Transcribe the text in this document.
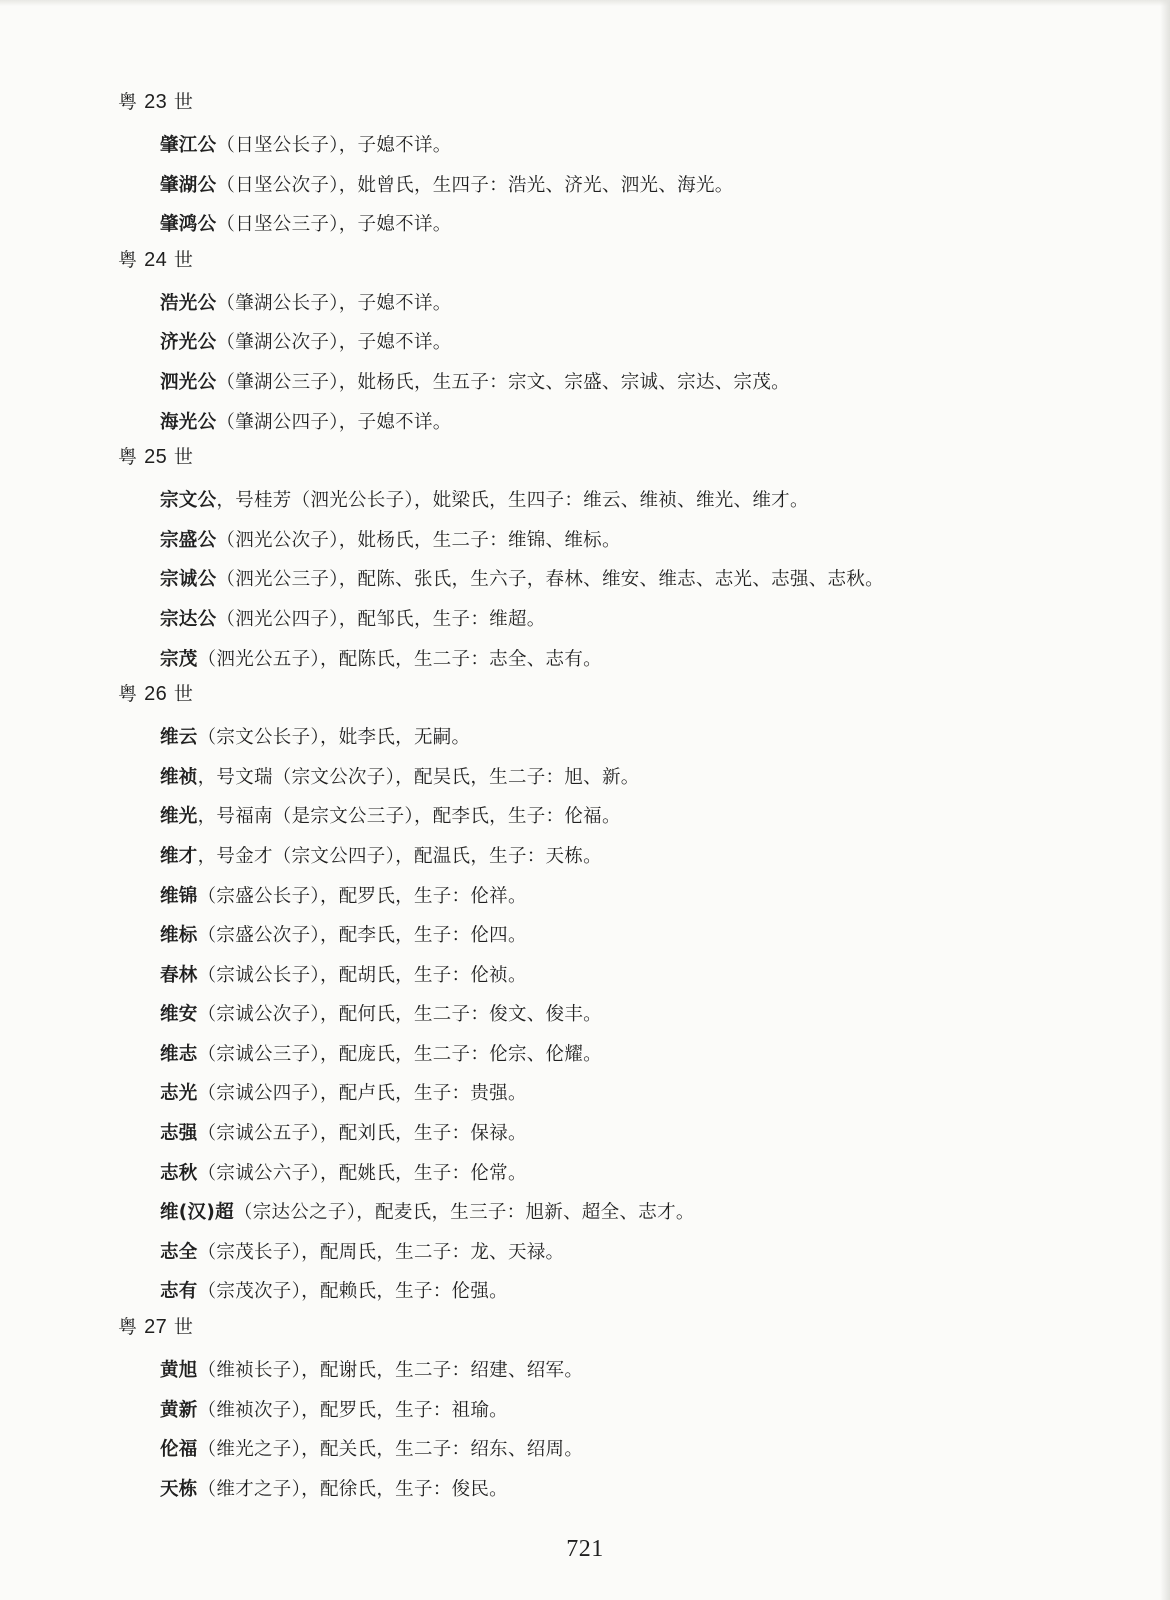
粤 23 世
肇江公（日坚公长子），子媳不详。
肇湖公（日坚公次子），妣曾氏，生四子：浩光、济光、泗光、海光。
肇鸿公（日坚公三子），子媳不详。
粤 24 世
浩光公（肇湖公长子），子媳不详。
济光公（肇湖公次子），子媳不详。
泗光公（肇湖公三子），妣杨氏，生五子：宗文、宗盛、宗诚、宗达、宗茂。
海光公（肇湖公四子），子媳不详。
粤 25 世
宗文公，号桂芳（泗光公长子），妣梁氏，生四子：维云、维祯、维光、维才。
宗盛公（泗光公次子），妣杨氏，生二子：维锦、维标。
宗诚公（泗光公三子），配陈、张氏，生六子，春林、维安、维志、志光、志强、志秋。
宗达公（泗光公四子），配邹氏，生子：维超。
宗茂（泗光公五子），配陈氏，生二子：志全、志有。
粤 26 世
维云（宗文公长子），妣李氏，无嗣。
维祯，号文瑞（宗文公次子），配吴氏，生二子：旭、新。
维光，号福南（是宗文公三子），配李氏，生子：伦福。
维才，号金才（宗文公四子），配温氏，生子：天栋。
维锦（宗盛公长子），配罗氏，生子：伦祥。
维标（宗盛公次子），配李氏，生子：伦四。
春林（宗诚公长子），配胡氏，生子：伦祯。
维安（宗诚公次子），配何氏，生二子：俊文、俊丰。
维志（宗诚公三子），配庞氏，生二子：伦宗、伦耀。
志光（宗诚公四子），配卢氏，生子：贵强。
志强（宗诚公五子），配刘氏，生子：保禄。
志秋（宗诚公六子），配姚氏，生子：伦常。
维(汉)超（宗达公之子），配麦氏，生三子：旭新、超全、志才。
志全（宗茂长子），配周氏，生二子：龙、天禄。
志有（宗茂次子），配赖氏，生子：伦强。
粤 27 世
黄旭（维祯长子），配谢氏，生二子：绍建、绍军。
黄新（维祯次子），配罗氏，生子：祖瑜。
伦福（维光之子），配关氏，生二子：绍东、绍周。
天栋（维才之子），配徐氏，生子：俊民。
721
